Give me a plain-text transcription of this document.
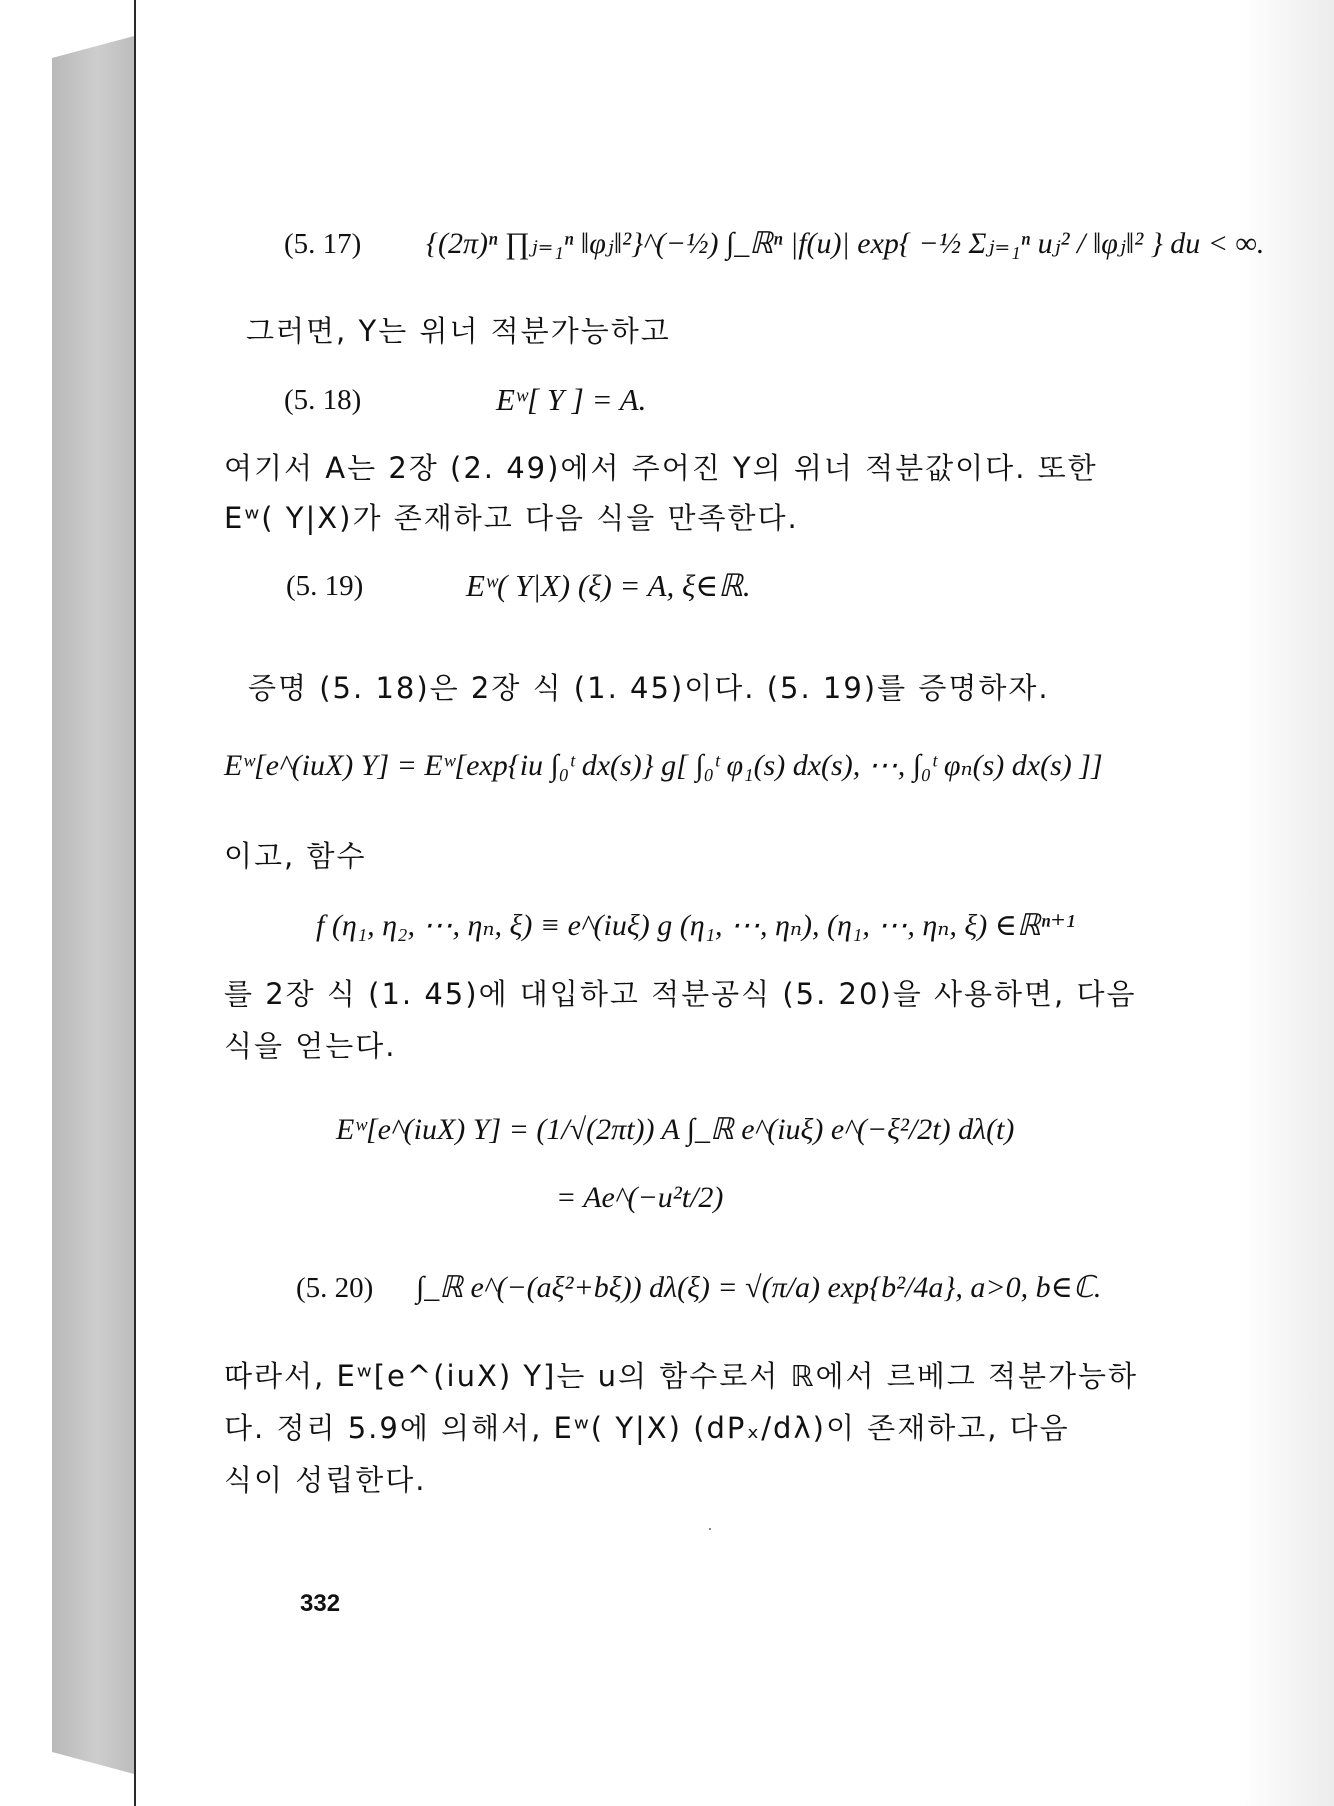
(5. 17) {(2π)ⁿ ∏ⱼ₌₁ⁿ ‖φⱼ‖²}^(−½) ∫_ℝⁿ |f(u)| exp{ −½ Σⱼ₌₁ⁿ uⱼ² / ‖φⱼ‖² } du < ∞.
그러면, Y는 위너 적분가능하고
(5. 18)	Eʷ[ Y ] = A.
여기서 A는 2장 (2. 49)에서 주어진 Y의 위너 적분값이다. 또한
Eʷ( Y|X)가 존재하고 다음 식을 만족한다.
(5. 19)	Eʷ( Y|X) (ξ) = A, ξ∈ℝ.
증명 (5. 18)은 2장 식 (1. 45)이다. (5. 19)를 증명하자.
Eʷ[e^(iuX) Y] = Eʷ[exp{iu ∫₀ᵗ dx(s)} g[ ∫₀ᵗ φ₁(s) dx(s), ⋯, ∫₀ᵗ φₙ(s) dx(s) ]]
이고, 함수
f (η₁, η₂, ⋯, ηₙ, ξ) ≡ e^(iuξ) g (η₁, ⋯, ηₙ), (η₁, ⋯, ηₙ, ξ) ∈ℝⁿ⁺¹
를 2장 식 (1. 45)에 대입하고 적분공식 (5. 20)을 사용하면, 다음
식을 얻는다.
Eʷ[e^(iuX) Y] = (1/√(2πt)) A ∫_ℝ e^(iuξ) e^(−ξ²/2t) dλ(t)
= Ae^(−u²t/2)
(5. 20) ∫_ℝ e^(−(aξ²+bξ)) dλ(ξ) = √(π/a) exp{b²/4a}, a>0, b∈ℂ.
따라서, Eʷ[e^(iuX) Y]는 u의 함수로서 ℝ에서 르베그 적분가능하
다. 정리 5.9에 의해서, Eʷ( Y|X) (dPₓ/dλ)이 존재하고, 다음
식이 성립한다.
332
